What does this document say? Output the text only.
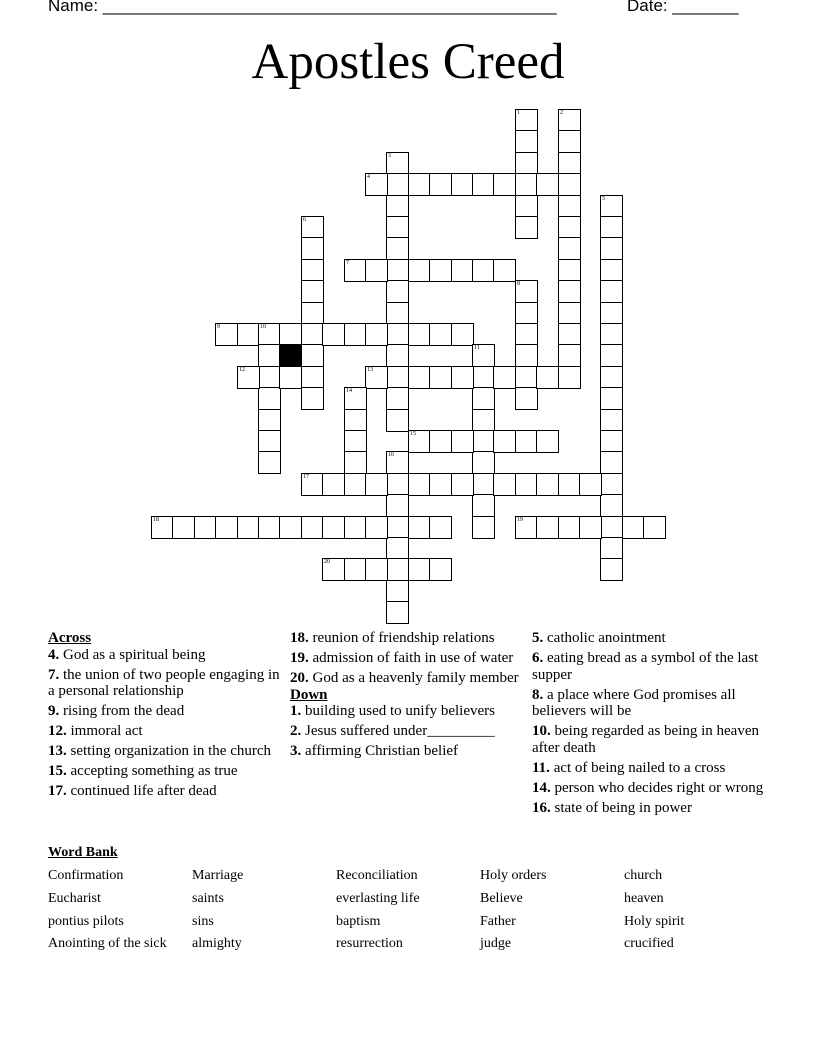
Name: ________________________________________________	Date: _______
Apostles Creed
1	2
3
4
5
6
7
8
9	10
11
12	13
14
15
16
17
18	19
20
Across
4. God as a spiritual being
7. the union of two people engaging in a personal relationship
9. rising from the dead
12. immoral act
13. setting organization in the church
15. accepting something as true
17. continued life after dead
18. reunion of friendship relations
19. admission of faith in use of water
20. God as a heavenly family member
Down
1. building used to unify believers
2. Jesus suffered under_________
3. affirming Christian belief
5. catholic anointment
6. eating bread as a symbol of the last supper
8. a place where God promises all believers will be
10. being regarded as being in heaven after death
11. act of being nailed to a cross
14. person who decides right or wrong
16. state of being in power
Word Bank
Confirmation
Eucharist
pontius pilots
Anointing of the sick
Marriage
saints
sins
almighty
Reconciliation
everlasting life
baptism
resurrection
Holy orders
Believe
Father
judge
church
heaven
Holy spirit
crucified
